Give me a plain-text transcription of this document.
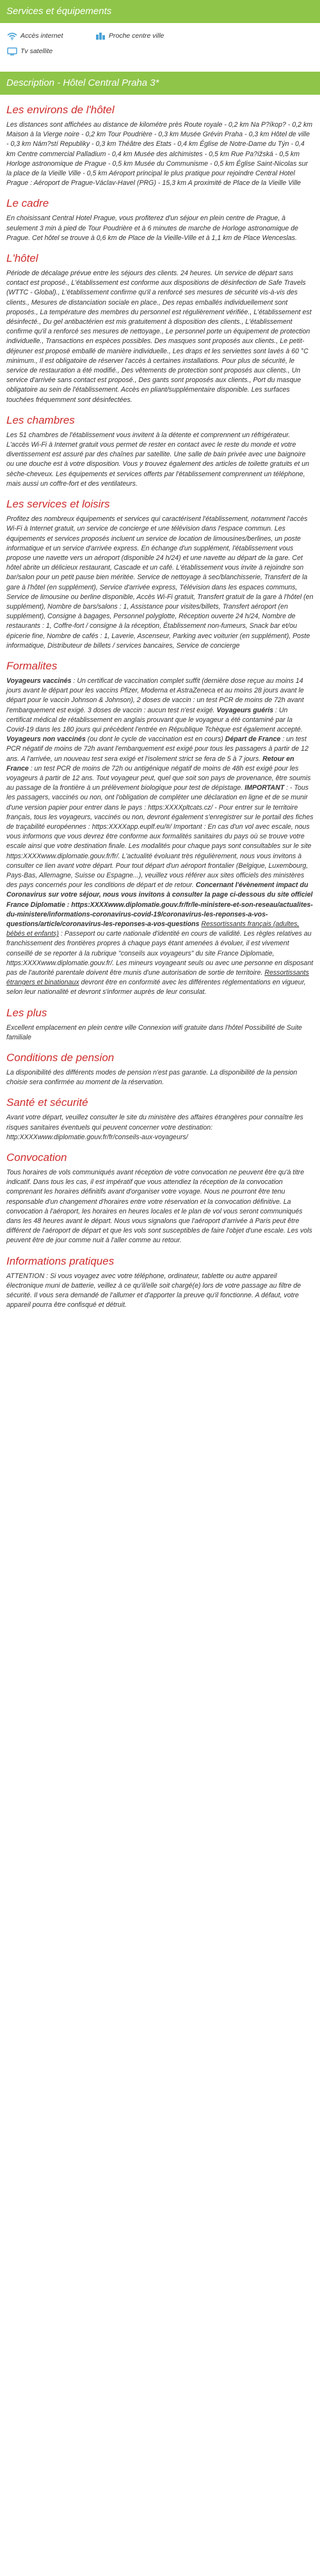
Services et équipements
Accès internet	Proche centre ville
Tv satellite
Description - Hôtel Central Praha 3*
Les environs de l'hôtel

Les distances sont affichées au distance de kilométre près Route royale - 0,2 km Na P?íkop? - 0,2 km Maison à la Vierge noire - 0,2 km Tour Poudrière - 0,3 km Musée Grévin Praha - 0,3 km Hôtel de ville - 0,3 km Nám?stí Republiky - 0,3 km Théâtre des Etats - 0,4 km Église de Notre-Dame du Týn - 0,4 km Centre commercial Palladium - 0,4 km Musée des alchimistes - 0,5 km Rue Pa?ížská - 0,5 km Horloge astronomique de Prague - 0,5 km Musée du Communisme - 0,5 km Église Saint-Nicolas sur la place de la Vieille Ville - 0,5 km Aéroport principal le plus pratique pour rejoindre Central Hotel Prague : Aéroport de Prague-Václav-Havel (PRG) - 15,3 km A proximité de Place de la Vieille Ville

Le cadre

En choisissant Central Hotel Prague, vous profiterez d'un séjour en plein centre de Prague, à seulement 3 min à pied de Tour Poudrière et à 6 minutes de marche de Horloge astronomique de Prague. Cet hôtel se trouve à 0,6 km de Place de la Vieille-Ville et à 1,1 km de Place Wenceslas.

L'hôtel

Période de décalage prévue entre les séjours des clients. 24 heures. Un service de départ sans contact est proposé., L'établissement est conforme aux dispositions de désinfection de Safe Travels (WTTC - Global)., L'établissement confirme qu'il a renforcé ses mesures de sécurité vis-à-vis des clients., Mesures de distanciation sociale en place., Des repas emballés individuellement sont proposés., La température des membres du personnel est régulièrement vérifiée., L'établissement est désinfecté., Du gel antibactérien est mis gratuitement à disposition des clients., L'établissement confirme qu'il a renforcé ses mesures de nettoyage., Le personnel porte un équipement de protection individuelle., Transactions en espèces possibles. Des masques sont proposés aux clients., Le petit-déjeuner est proposé emballé de manière individuelle., Les draps et les serviettes sont lavés à 60 °C minimum., Il est obligatoire de réserver l'accès à certaines installations. Pour plus de sécurité, le service de restauration a été modifié., Des vêtements de protection sont proposés aux clients., Un service d'arrivée sans contact est proposé., Des gants sont proposés aux clients., Port du masque obligatoire au sein de l'établissement. Accès en pliant/supplémentaire disponible. Les surfaces touchées fréquemment sont désinfectées.

Les chambres

Les 51 chambres de l'établissement vous invitent à la détente et comprennent un réfrigérateur. L'accès Wi-Fi à Internet gratuit vous permet de rester en contact avec le reste du monde et votre divertissement est assuré par des chaînes par satellite. Une salle de bain privée avec une baignoire ou une douche est à votre disposition. Vous y trouvez également des articles de toilette gratuits et un sèche-cheveux. Les équipements et services offerts par l'établissement comprennent un téléphone, mais aussi un coffre-fort et des ventilateurs.

Les services et loisirs

Profitez des nombreux équipements et services qui caractérisent l'établissement, notamment l'accès Wi-Fi à Internet gratuit, un service de concierge et une télévision dans l'espace commun. Les équipements et services proposés incluent un service de location de limousines/berlines, un poste informatique et un service d'arrivée express. En échange d'un supplément, l'établissement vous propose une navette vers un aéroport (disponible 24 h/24) et une navette au départ de la gare. Cet hôtel abrite un délicieux restaurant, Cascade et un café. L'établissement vous invite à rejoindre son bar/salon pour un petit pause bien méritée. Service de nettoyage à sec/blanchisserie, Transfert de la gare à l'hôtel (en supplément), Service d'arrivée express, Télévision dans les espaces communs, Service de limousine ou berline disponible, Accès Wi-Fi gratuit, Transfert gratuit de la gare à l'hôtel (en supplément), Nombre de bars/salons : 1, Assistance pour visites/billets, Transfert aéroport (en supplément), Consigne à bagages, Personnel polyglotte, Réception ouverte 24 h/24, Nombre de restaurants : 1, Coffre-fort / consigne à la réception, Établissement non-fumeurs, Snack bar et/ou épicerie fine, Nombre de cafés : 1, Laverie, Ascenseur, Parking avec voiturier (en supplément), Poste informatique, Distributeur de billets / services bancaires, Service de concierge

Formalites

Voyageurs vaccinés : Un certificat de vaccination complet suffit (dernière dose reçue au moins 14 jours avant le départ pour les vaccins Pfizer, Moderna et AstraZeneca et au moins 28 jours avant le départ pour le vaccin Johnson & Johnson), 2 doses de vaccin : un test PCR de moins de 72h avant l'embarquement est exigé. 3 doses de vaccin : aucun test n'est exigé. Voyageurs guéris : Un certificat médical de rétablissement en anglais prouvant que le voyageur a été contaminé par la Covid-19 dans les 180 jours qui précèdent l'entrée en République Tchèque est également accepté. Voyageurs non vaccinés (ou dont le cycle de vaccination est en cours) Départ de France : un test PCR négatif de moins de 72h avant l'embarquement est exigé pour tous les passagers à partir de 12 ans. A l'arrivée, un nouveau test sera exigé et l'isolement strict se fera de 5 à 7 jours. Retour en France : un test PCR de moins de 72h ou antigénique négatif de moins de 48h est exigé pour les voyageurs à partir de 12 ans. Tout voyageur peut, quel que soit son pays de provenance, être soumis au passage de la frontière à un prélèvement biologique pour test de dépistage. IMPORTANT : - Tous les passagers, vaccinés ou non, ont l'obligation de compléter une déclaration en ligne et de se munir d'une version papier pour entrer dans le pays : https:XXXXpltcats.cz/ - Pour entrer sur le territoire français, tous les voyageurs, vaccinés ou non, devront également s'enregistrer sur le portail des fiches de traçabilité européennes : https:XXXXapp.euplf.eu/#/ Important : En cas d'un vol avec escale, nous vous informons que vous devrez être conforme aux formalités sanitaires du pays où se trouve votre escale ainsi que votre destination finale. Les modalités pour chaque pays sont consultables sur le site https:XXXXwww.diplomatie.gouv.fr/fr/. L'actualité évoluant très régulièrement, nous vous invitons à consulter ce lien avant votre départ. Pour tout départ d'un aéroport frontalier (Belgique, Luxembourg, Pays-Bas, Allemagne, Suisse ou Espagne...), veuillez vous référer aux sites officiels des ministères des pays concernés pour les conditions de départ et de retour. Concernant l'évènement impact du Coronavirus sur votre séjour, nous vous invitons à consulter la page ci-dessous du site officiel France Diplomatie : https:XXXXwww.diplomatie.gouv.fr/fr/le-ministere-et-son-reseau/actualites-du-ministere/informations-coronavirus-covid-19/coronavirus-les-reponses-a-vos-questions/article/coronavirus-les-reponses-a-vos-questions Ressortissants français (adultes, bébés et enfants) : Passeport ou carte nationale d'identité en cours de validité. Les règles relatives au franchissement des frontières propres à chaque pays étant amenées à évoluer, il est vivement conseillé de se reporter à la rubrique "conseils aux voyageurs" du site France Diplomatie, https:XXXXwww.diplomatie.gouv.fr/. Les mineurs voyageant seuls ou avec une personne en disposant pas de l'autorité parentale doivent être munis d'une autorisation de sortie de territoire. Ressortissants étrangers et binationaux devront être en conformité avec les différentes réglementations en vigueur, selon leur nationalité et devront s'informer auprès de leur consulat.

Les plus

Excellent emplacement en plein centre ville Connexion wifi gratuite dans l'hôtel Possibilité de Suite familiale

Conditions de pension

La disponibilité des différents modes de pension n'est pas garantie. La disponibilité de la pension choisie sera confirmée au moment de la réservation.

Santé et sécurité

Avant votre départ, veuillez consulter le site du ministère des affaires étrangères pour connaître les risques sanitaires éventuels qui peuvent concerner votre destination: http:XXXXwww.diplomatie.gouv.fr/fr/conseils-aux-voyageurs/

Convocation

Tous horaires de vols communiqués avant réception de votre convocation ne peuvent être qu'à titre indicatif. Dans tous les cas, il est impératif que vous attendiez la réception de la convocation comprenant les horaires définitifs avant d'organiser votre voyage. Nous ne pourront être tenu responsable d'un changement d'horaires entre votre réservation et la convocation définitive. La convocation à l'aéroport, les horaires en heures locales et le plan de vol vous seront communiqués dans les 48 heures avant le départ. Nous vous signalons que l'aéroport d'arrivée à Paris peut être différent de l'aéroport de départ et que les vols sont susceptibles de faire l'objet d'une escale. Les vols peuvent être de jour comme nuit à l'aller comme au retour.

Informations pratiques

ATTENTION : Si vous voyagez avec votre téléphone, ordinateur, tablette ou autre appareil électronique muni de batterie, veillez à ce qu'il/elle soit chargé(e) lors de votre passage au filtre de sécurité. Il vous sera demandé de l'allumer et d'apporter la preuve qu'il fonctionne. A défaut, votre appareil pourra être confisqué et détruit.
